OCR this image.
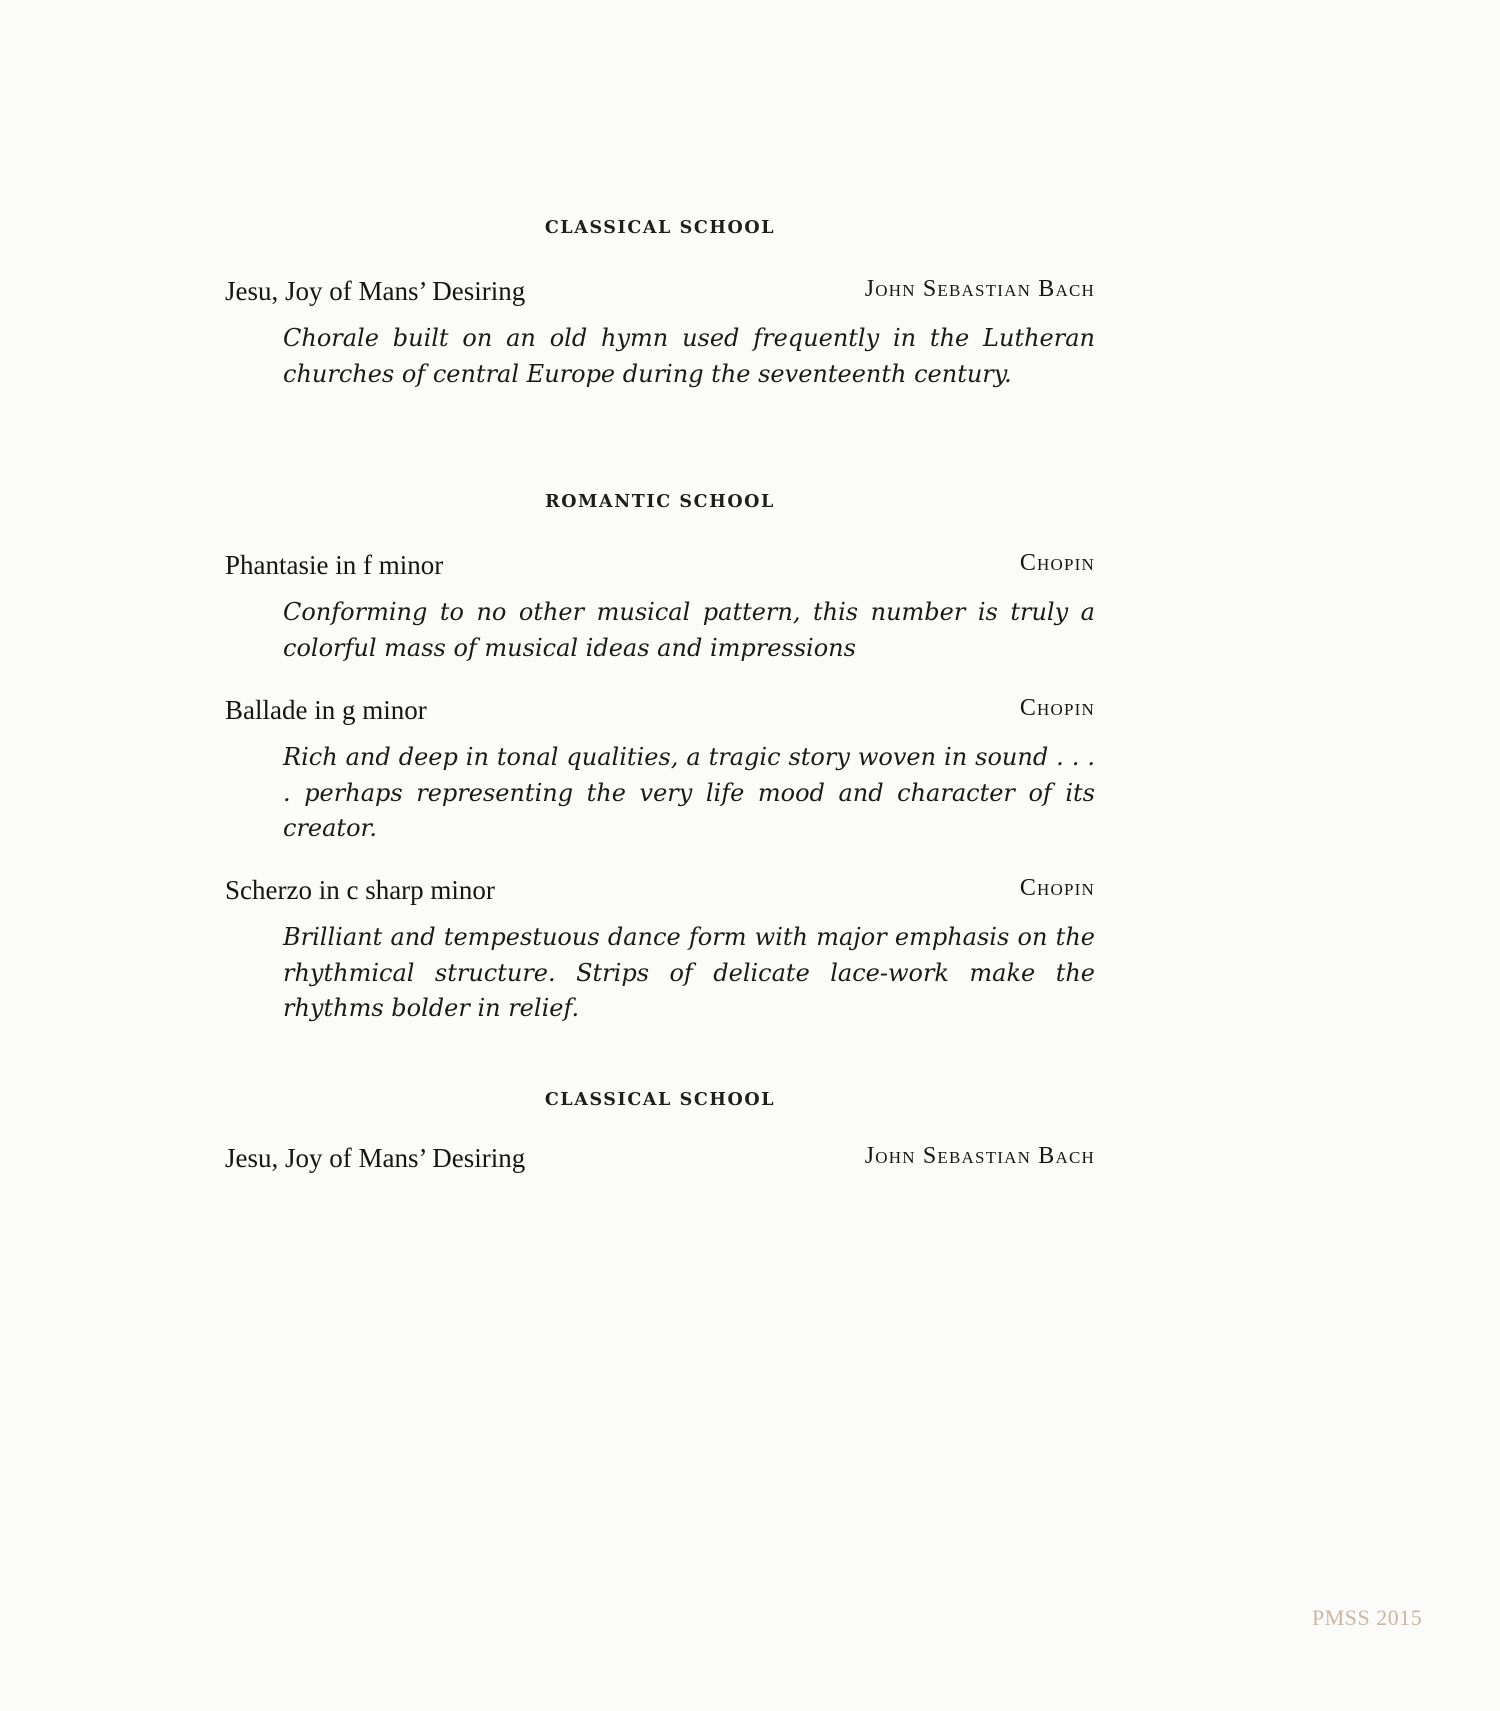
CLASSICAL SCHOOL
Jesu, Joy of Mans’ Desiring	John Sebastian Bach
Chorale built on an old hymn used frequently in the Lutheran churches of central Europe during the seventeenth century.
ROMANTIC SCHOOL
Phantasie in f minor	Chopin
Conforming to no other musical pattern, this number is truly a colorful mass of musical ideas and impressions
Ballade in g minor	Chopin
Rich and deep in tonal qualities, a tragic story woven in sound . . . . perhaps representing the very life mood and character of its creator.
Scherzo in c sharp minor	Chopin
Brilliant and tempestuous dance form with major emphasis on the rhythmical structure. Strips of delicate lace-work make the rhythms bolder in relief.
CLASSICAL SCHOOL
Jesu, Joy of Mans’ Desiring	John Sebastian Bach
PMSS 2015
